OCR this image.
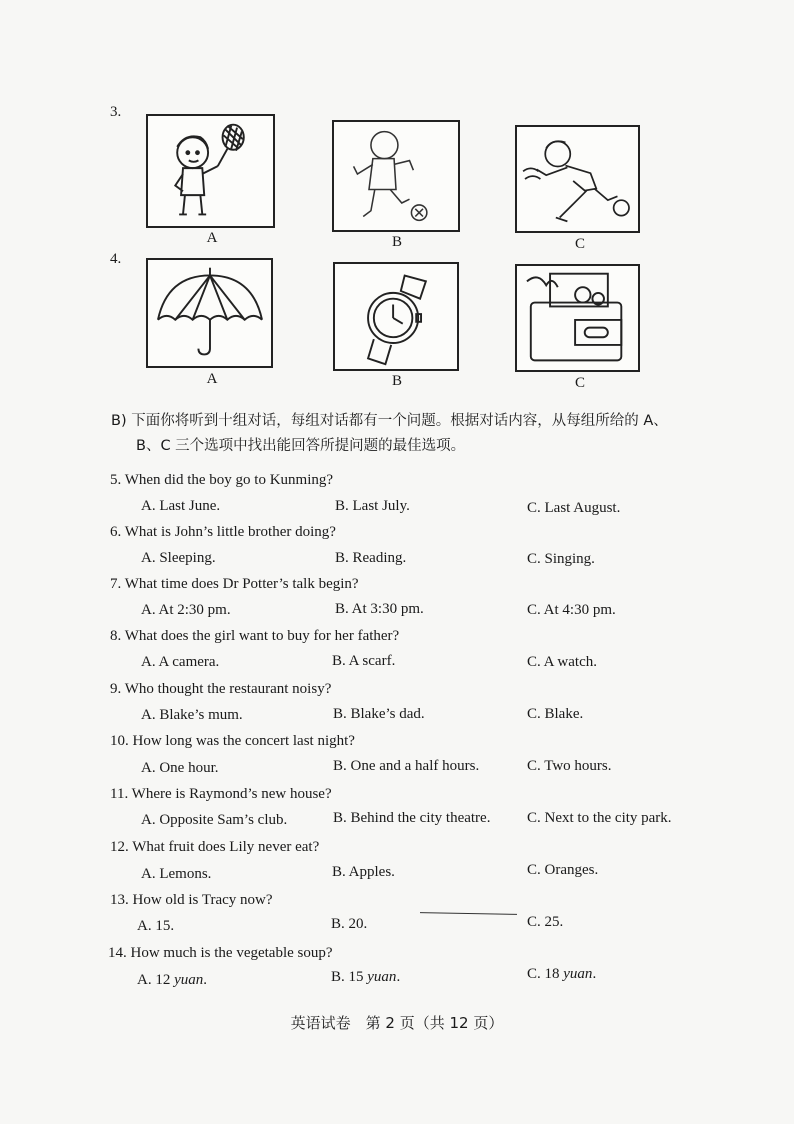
3.
A	B	C
4.
A	B	C
B) 下面你将听到十组对话，每组对话都有一个问题。根据对话内容，从每组所给的 A、
B、C 三个选项中找出能回答所提问题的最佳选项。
5. When did the boy go to Kunming?
A. Last June.	B. Last July.	C. Last August.
6. What is John’s little brother doing?
A. Sleeping.	B. Reading.	C. Singing.
7. What time does Dr Potter’s talk begin?
A. At 2:30 pm.	B. At 3:30 pm.	C. At 4:30 pm.
8. What does the girl want to buy for her father?
A. A camera.	B. A scarf.	C. A watch.
9. Who thought the restaurant noisy?
A. Blake’s mum.	B. Blake’s dad.	C. Blake.
10. How long was the concert last night?
A. One hour.	B. One and a half hours.	C. Two hours.
11. Where is Raymond’s new house?
A. Opposite Sam’s club.	B. Behind the city theatre. C. Next to the city park.
12. What fruit does Lily never eat?
A. Lemons.	B. Apples.	C. Oranges.
13. How old is Tracy now?
A. 15.	B. 20.	C. 25.
14. How much is the vegetable soup?
A. 12 yuan.	B. 15 yuan.	C. 18 yuan.
英语试卷　第 2 页（共 12 页）
